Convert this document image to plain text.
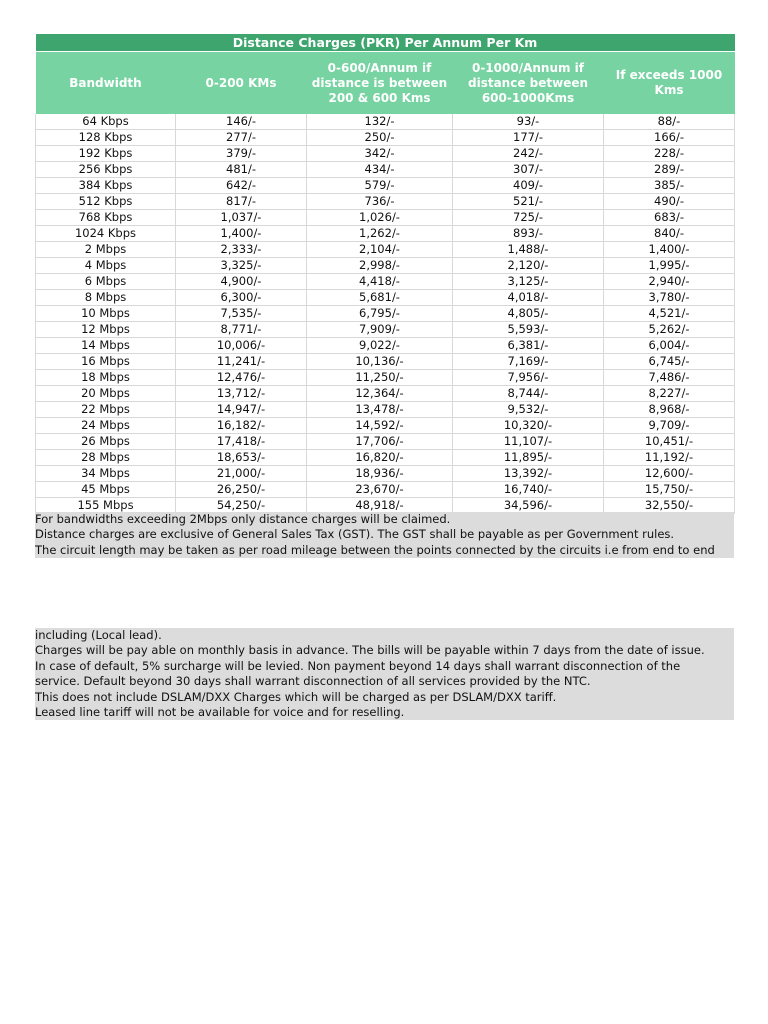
Distance Charges (PKR) Per Annum Per Km				
Bandwidth	0-200 KMs	0-600/Annum if distance is between 200 & 600 Kms	0-1000/Annum if distance between 600-1000Kms	If exceeds 1000 Kms
64 Kbps	146/-	132/-	93/-	88/-
128 Kbps	277/-	250/-	177/-	166/-
192 Kbps	379/-	342/-	242/-	228/-
256 Kbps	481/-	434/-	307/-	289/-
384 Kbps	642/-	579/-	409/-	385/-
512 Kbps	817/-	736/-	521/-	490/-
768 Kbps	1,037/-	1,026/-	725/-	683/-
1024 Kbps	1,400/-	1,262/-	893/-	840/-
2 Mbps	2,333/-	2,104/-	1,488/-	1,400/-
4 Mbps	3,325/-	2,998/-	2,120/-	1,995/-
6 Mbps	4,900/-	4,418/-	3,125/-	2,940/-
8 Mbps	6,300/-	5,681/-	4,018/-	3,780/-
10 Mbps	7,535/-	6,795/-	4,805/-	4,521/-
12 Mbps	8,771/-	7,909/-	5,593/-	5,262/-
14 Mbps	10,006/-	9,022/-	6,381/-	6,004/-
16 Mbps	11,241/-	10,136/-	7,169/-	6,745/-
18 Mbps	12,476/-	11,250/-	7,956/-	7,486/-
20 Mbps	13,712/-	12,364/-	8,744/-	8,227/-
22 Mbps	14,947/-	13,478/-	9,532/-	8,968/-
24 Mbps	16,182/-	14,592/-	10,320/-	9,709/-
26 Mbps	17,418/-	17,706/-	11,107/-	10,451/-
28 Mbps	18,653/-	16,820/-	11,895/-	11,192/-
34 Mbps	21,000/-	18,936/-	13,392/-	12,600/-
45 Mbps	26,250/-	23,670/-	16,740/-	15,750/-
155 Mbps	54,250/-	48,918/-	34,596/-	32,550/-
For bandwidths exceeding 2Mbps only distance charges will be claimed.
Distance charges are exclusive of General Sales Tax (GST). The GST shall be payable as per Government rules.
The circuit length may be taken as per road mileage between the points connected by the circuits i.e from end to end
including (Local lead).
Charges will be pay able on monthly basis in advance. The bills will be payable within 7 days from the date of issue.
In case of default, 5% surcharge will be levied. Non payment beyond 14 days shall warrant disconnection of the
service. Default beyond 30 days shall warrant disconnection of all services provided by the NTC.
This does not include DSLAM/DXX Charges which will be charged as per DSLAM/DXX tariff.
Leased line tariff will not be available for voice and for reselling.
